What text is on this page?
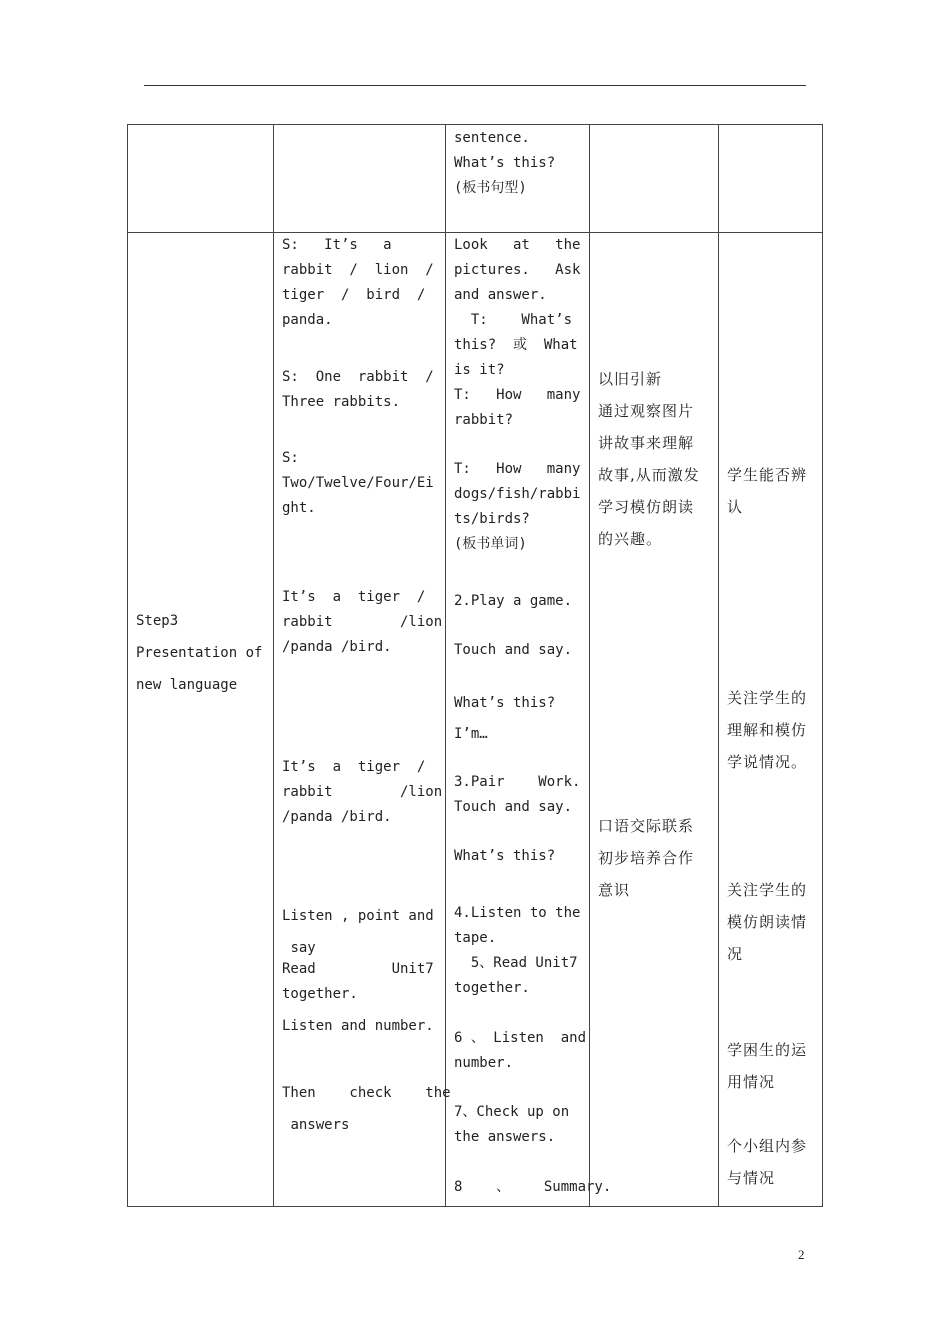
sentence.
What’s this?
(板书句型)

Step3
Presentation of
new language

S:   It’s   a
rabbit  /  lion  /
tiger  /  bird  /
panda.

S:  One  rabbit  /
Three rabbits.

S:
Two/Twelve/Four/Ei
ght.

It’s  a  tiger  /
rabbit        /lion
/panda /bird.

It’s  a  tiger  /
rabbit        /lion
/panda /bird.

Listen , point and
say

Read         Unit7
together.

Listen and number.

Then    check    the
answers

Look   at   the
pictures.   Ask
and answer.
T:    What’s
this?  或  What
is it?
T:   How   many
rabbit?

T:   How   many
dogs/fish/rabbi
ts/birds?
(板书单词)

2.Play a game.

Touch and say.

What’s this?
I’m…

3.Pair    Work.
Touch and say.

What’s this?

4.Listen to the
tape.
5、Read Unit7
together.

6 、 Listen  and
number.

7、Check up on
the answers.

8    、    Summary.

以旧引新
通过观察图片
讲故事来理解
故事,从而激发
学习模仿朗读
的兴趣。

口语交际联系
初步培养合作
意识

学生能否辨
认

关注学生的
理解和模仿
学说情况。

关注学生的
模仿朗读情
况

学困生的运
用情况

个小组内参
与情况

2
